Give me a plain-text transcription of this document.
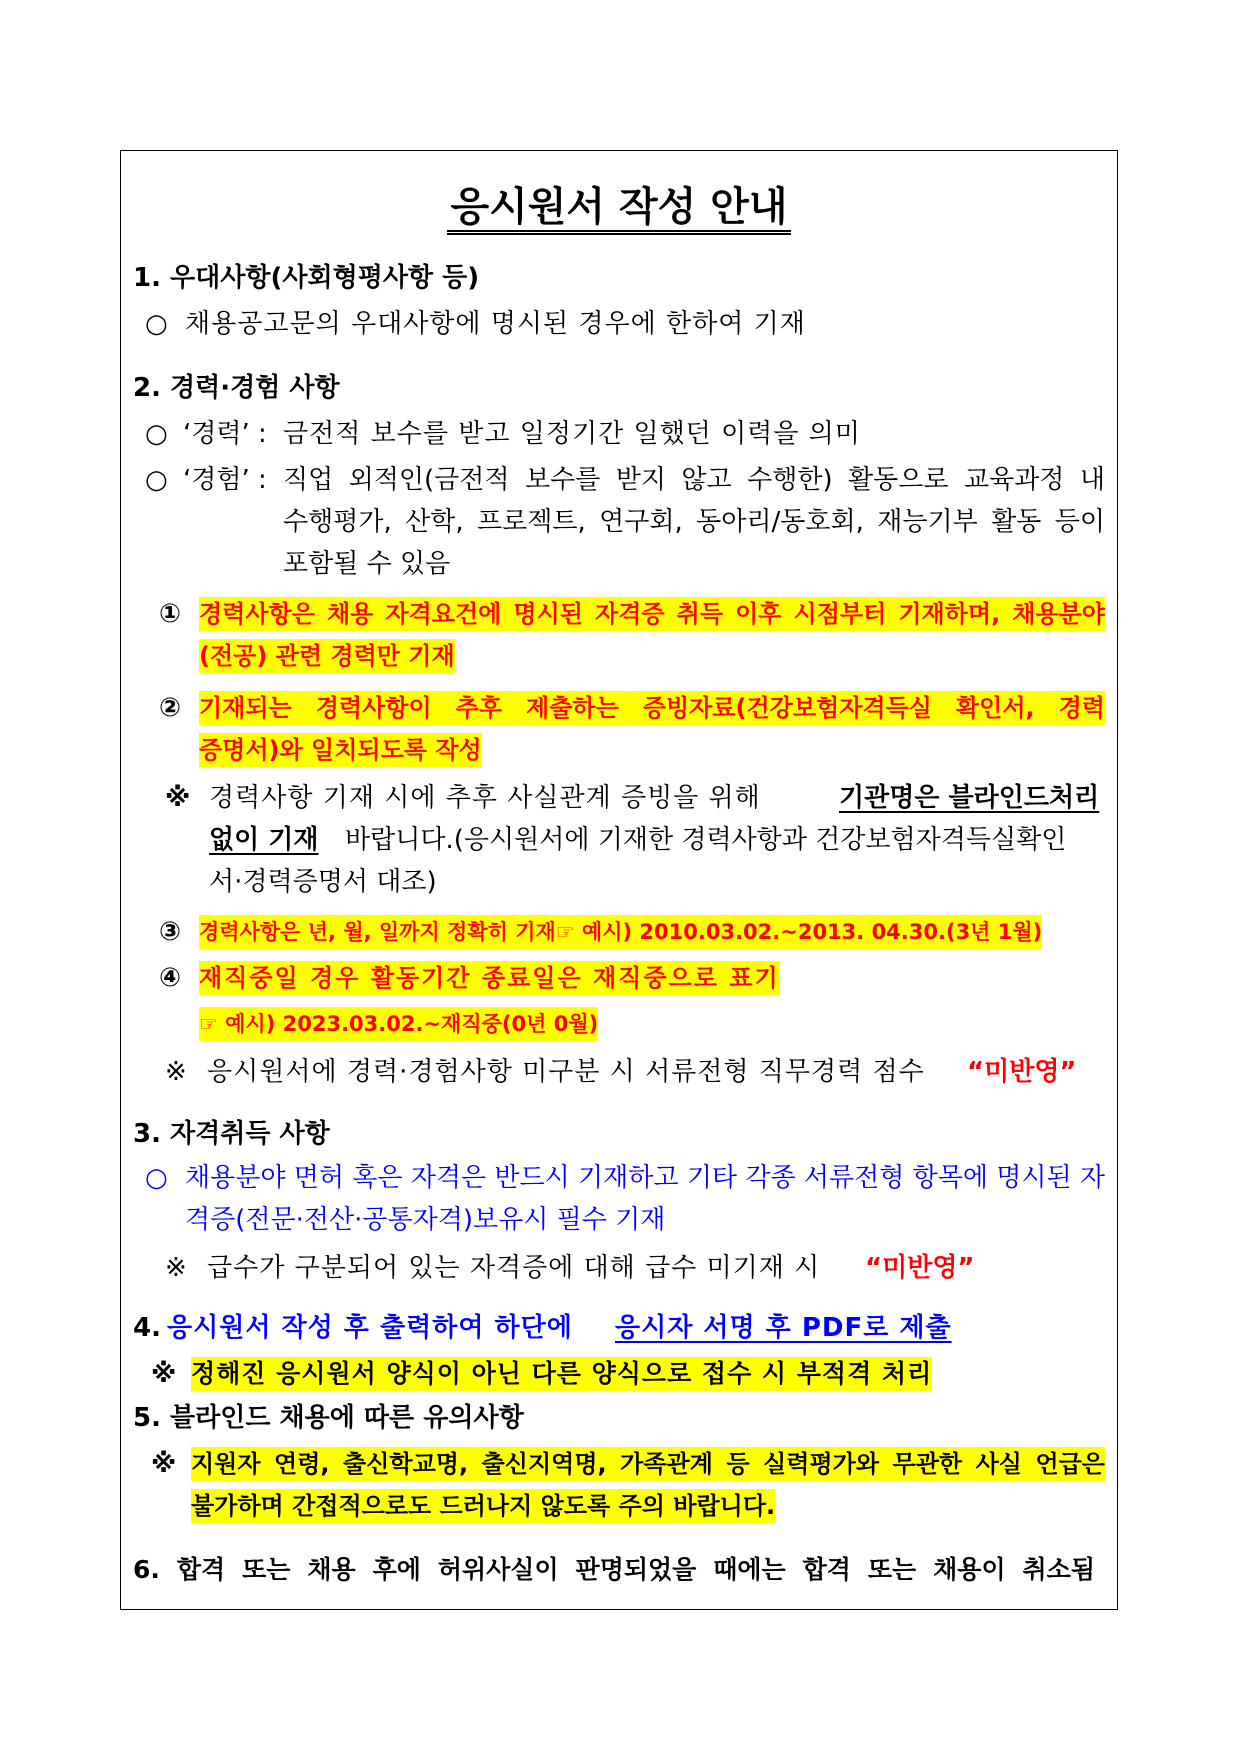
응시원서 작성 안내
1. 우대사항(사회형평사항 등)
○ 채용공고문의 우대사항에 명시된 경우에 한하여 기재
2. 경력·경험 사항
○ ‘경력’ : 금전적 보수를 받고 일정기간 일했던 이력을 의미
○ ‘경험’ : 직업 외적인(금전적 보수를 받지 않고 수행한) 활동으로 교육과정 내
수행평가, 산학, 프로젝트, 연구회, 동아리/동호회, 재능기부 활동 등이
포함될 수 있음
① 경력사항은 채용 자격요건에 명시된 자격증 취득 이후 시점부터 기재하며, 채용분야
(전공) 관련 경력만 기재
② 기재되는 경력사항이 추후 제출하는 증빙자료(건강보험자격득실 확인서, 경력
증명서)와 일치되도록 작성
※ 경력사항 기재 시에 추후 사실관계 증빙을 위해	기관명은 블라인드처리
없이 기재 바랍니다.(응시원서에 기재한 경력사항과 건강보험자격득실확인
서·경력증명서 대조)
③ 경력사항은 년, 월, 일까지 정확히 기재☞ 예시) 2010.03.02.~2013. 04.30.(3년 1월)
④ 재직중일 경우 활동기간 종료일은 재직중으로 표기
☞ 예시) 2023.03.02.~재직중(0년 0월)
※ 응시원서에 경력·경험사항 미구분 시 서류전형 직무경력 점수 “미반영”
3. 자격취득 사항
○ 채용분야 면허 혹은 자격은 반드시 기재하고 기타 각종 서류전형 항목에 명시된 자
격증(전문·전산·공통자격)보유시 필수 기재
※ 급수가 구분되어 있는 자격증에 대해 급수 미기재 시 “미반영”
4. 응시원서 작성 후 출력하여 하단에 응시자 서명 후 PDF로 제출
※ 정해진 응시원서 양식이 아닌 다른 양식으로 접수 시 부적격 처리
5. 블라인드 채용에 따른 유의사항
※ 지원자 연령, 출신학교명, 출신지역명, 가족관계 등 실력평가와 무관한 사실 언급은
불가하며 간접적으로도 드러나지 않도록 주의 바랍니다.
6. 합격 또는 채용 후에 허위사실이 판명되었을 때에는 합격 또는 채용이 취소됨
